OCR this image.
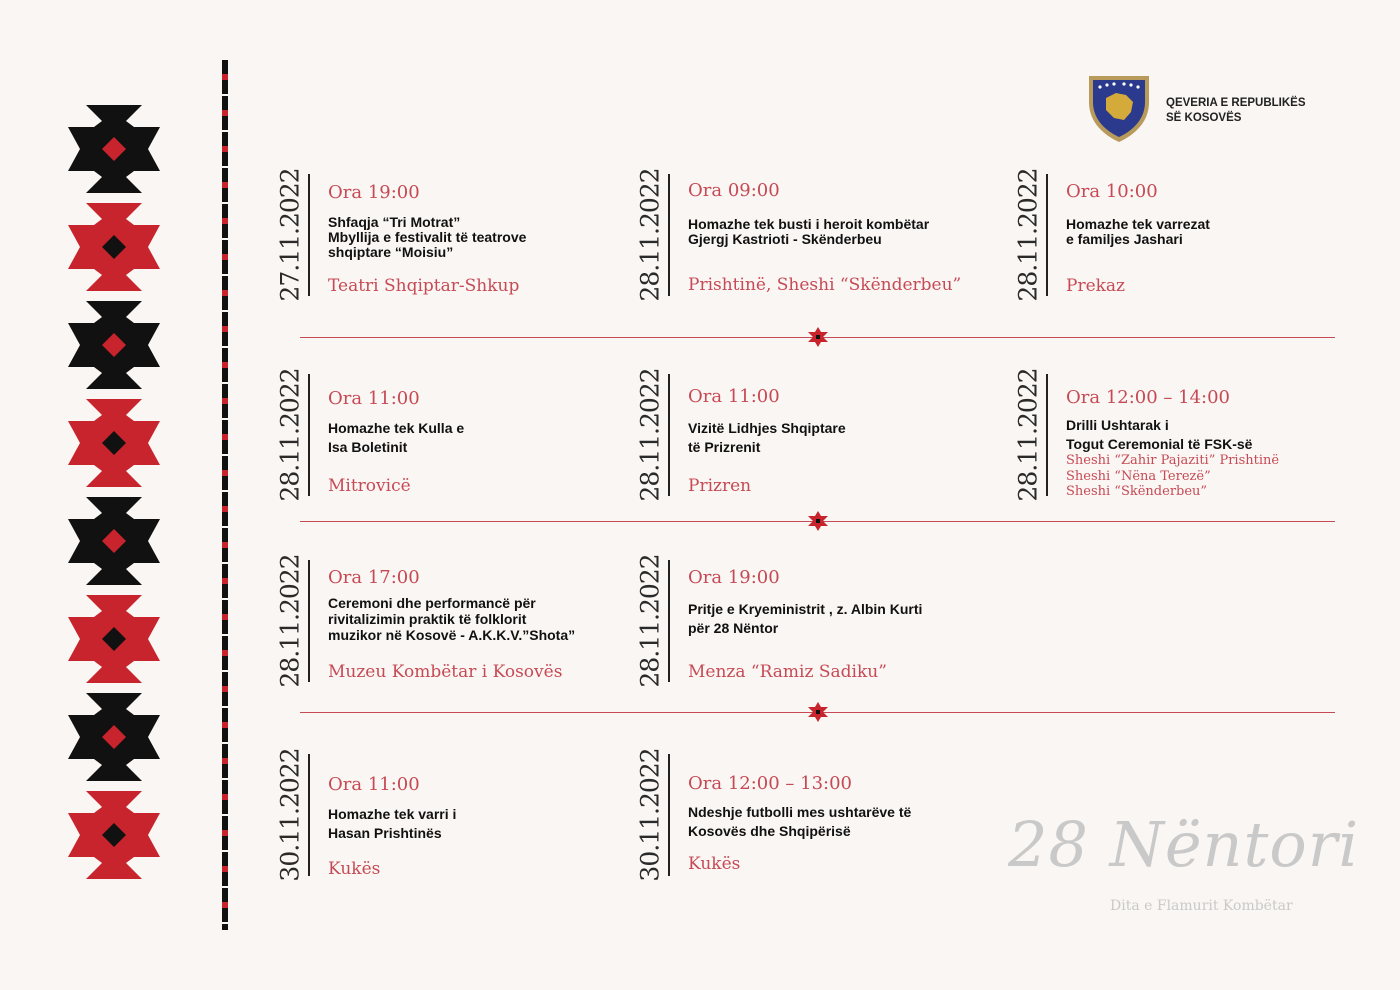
QEVERIA E REPUBLIKËS
SË KOSOVËS
27.11.2022 Ora 19:00
Shfaqja “Tri Motrat”
Mbyllija e festivalit të teatrove
shqiptare “Moisiu”
Teatri Shqiptar-Shkup	28.11.2022 Ora 09:00
Homazhe tek busti i heroit kombëtar
Gjergj Kastrioti - Skënderbeu
Prishtinë, Sheshi “Skënderbeu” 28.11.2022 Ora 10:00
Homazhe tek varrezat
e familjes Jashari
Prekaz
28.11.2022 Ora 11:00
Homazhe tek Kulla e
Isa Boletinit
Mitrovicë	28.11.2022 Ora 11:00
Vizitë Lidhjes Shqiptare
të Prizrenit
Prizren	28.11.2022 Ora 12:00 – 14:00
Drilli Ushtarak i
Togut Ceremonial të FSK-së
Sheshi “Zahir Pajaziti” Prishtinë
Sheshi “Nëna Terezë”
Sheshi “Skënderbeu”
28.11.2022 Ora 17:00
Ceremoni dhe performancë për
rivitalizimin praktik të folklorit
muzikor në Kosovë - A.K.K.V.”Shota”
Muzeu Kombëtar i Kosovës	28.11.2022 Ora 19:00
Pritje e Kryeministrit , z. Albin Kurti
për 28 Nëntor
Menza “Ramiz Sadiku”
30.11.2022 Ora 11:00
Homazhe tek varri i
Hasan Prishtinës
Kukës	30.11.2022 Ora 12:00 – 13:00
Ndeshje futbolli mes ushtarëve të
Kosovës dhe Shqipërisë
Kukës	28 Nëntori
Dita e Flamurit Kombëtar
